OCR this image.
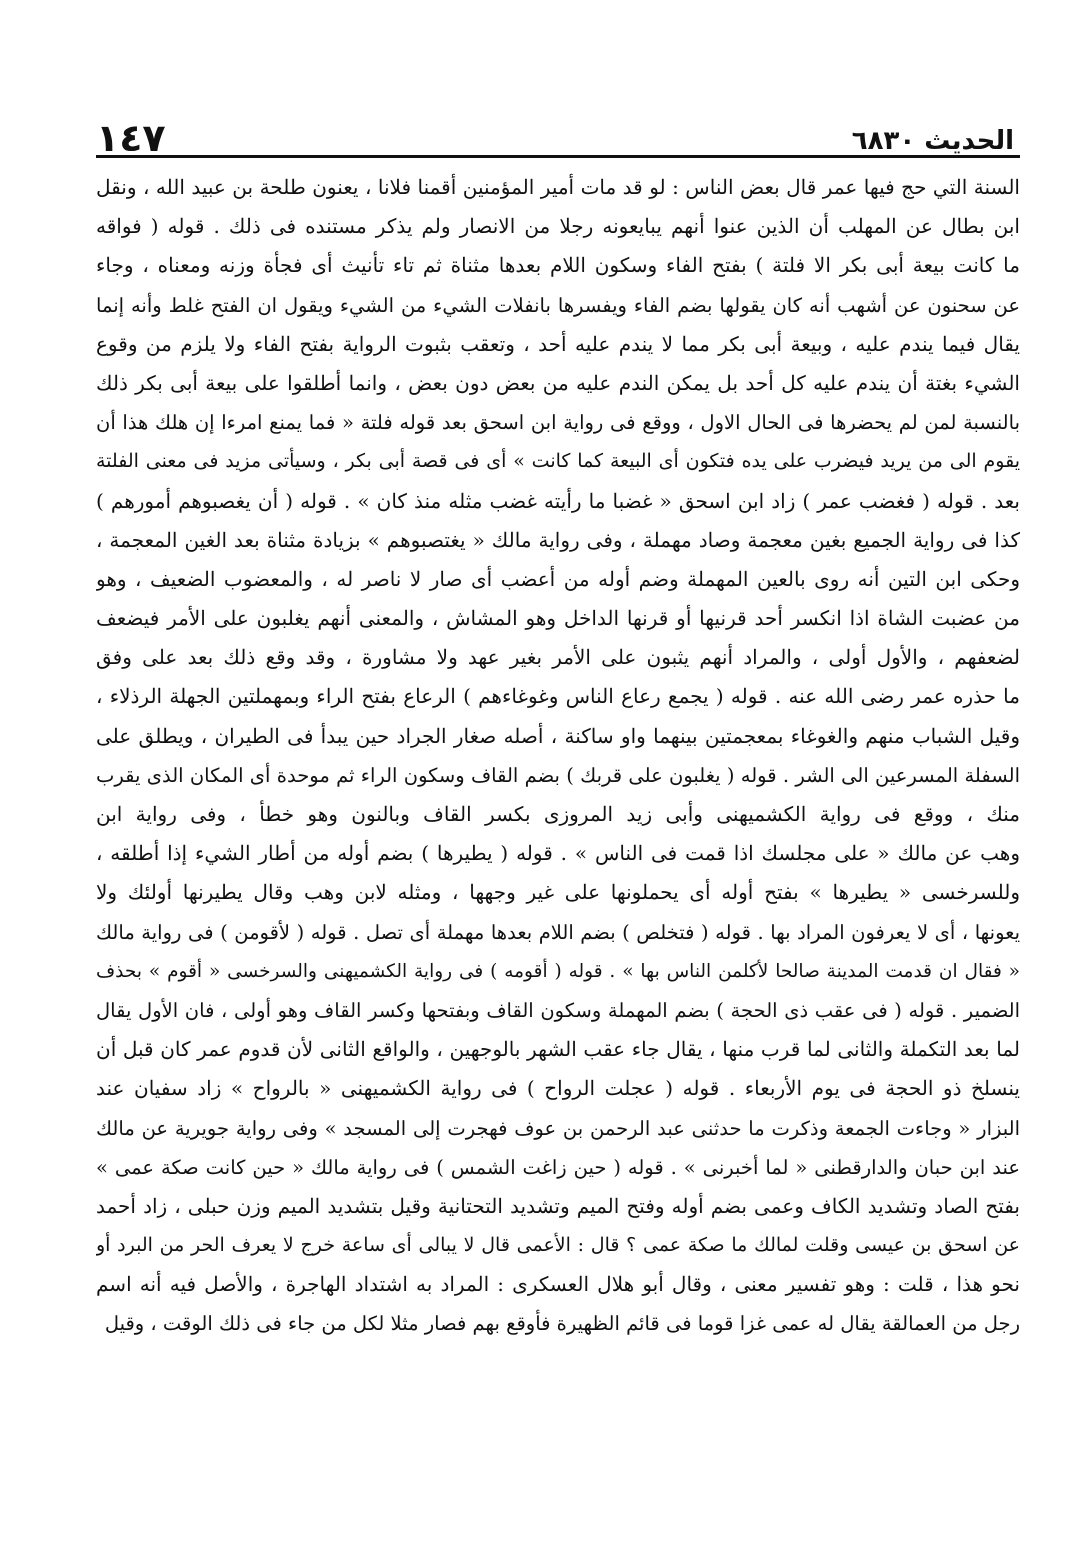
١٤٧	الحديث ٦٨٣٠
السنة التي حج فيها عمر قال بعض الناس : لو قد مات أمير المؤمنين أقمنا فلانا ، يعنون طلحة بن عبيد الله ، ونقل
ابن بطال عن المهلب أن الذين عنوا أنهم يبايعونه رجلا من الانصار ولم يذكر مستنده فى ذلك . قوله ( فواقه
ما كانت بيعة أبى بكر الا فلتة ) بفتح الفاء وسكون اللام بعدها مثناة ثم تاء تأنيث أى فجأة وزنه ومعناه ، وجاء
عن سحنون عن أشهب أنه كان يقولها بضم الفاء ويفسرها بانفلات الشيء من الشيء ويقول ان الفتح غلط وأنه إنما
يقال فيما يندم عليه ، وبيعة أبى بكر مما لا يندم عليه أحد ، وتعقب بثبوت الرواية بفتح الفاء ولا يلزم من وقوع
الشيء بغتة أن يندم عليه كل أحد بل يمكن الندم عليه من بعض دون بعض ، وانما أطلقوا على بيعة أبى بكر ذلك
بالنسبة لمن لم يحضرها فى الحال الاول ، ووقع فى رواية ابن اسحق بعد قوله فلتة « فما يمنع امرءا إن هلك هذا أن
يقوم الى من يريد فيضرب على يده فتكون أى البيعة كما كانت » أى فى قصة أبى بكر ، وسيأتى مزيد فى معنى الفلتة
بعد . قوله ( فغضب عمر ) زاد ابن اسحق « غضبا ما رأيته غضب مثله منذ كان » . قوله ( أن يغصبوهم أمورهم )
كذا فى رواية الجميع بغين معجمة وصاد مهملة ، وفى رواية مالك « يغتصبوهم » بزيادة مثناة بعد الغين المعجمة ،
وحكى ابن التين أنه روى بالعين المهملة وضم أوله من أعضب أى صار لا ناصر له ، والمعضوب الضعيف ، وهو
من عضبت الشاة اذا انكسر أحد قرنيها أو قرنها الداخل وهو المشاش ، والمعنى أنهم يغلبون على الأمر فيضعف
لضعفهم ، والأول أولى ، والمراد أنهم يثبون على الأمر بغير عهد ولا مشاورة ، وقد وقع ذلك بعد على وفق
ما حذره عمر رضى الله عنه . قوله ( يجمع رعاع الناس وغوغاءهم ) الرعاع بفتح الراء وبمهملتين الجهلة الرذلاء ،
وقيل الشباب منهم والغوغاء بمعجمتين بينهما واو ساكنة ، أصله صغار الجراد حين يبدأ فى الطيران ، ويطلق على
السفلة المسرعين الى الشر . قوله ( يغلبون على قربك ) بضم القاف وسكون الراء ثم موحدة أى المكان الذى يقرب
منك ، ووقع فى رواية الكشميهنى وأبى زيد المروزى بكسر القاف وبالنون وهو خطأ ، وفى رواية ابن
وهب عن مالك « على مجلسك اذا قمت فى الناس » . قوله ( يطيرها ) بضم أوله من أطار الشيء إذا أطلقه ،
وللسرخسى « يطيرها » بفتح أوله أى يحملونها على غير وجهها ، ومثله لابن وهب وقال يطيرنها أولئك ولا
يعونها ، أى لا يعرفون المراد بها . قوله ( فتخلص ) بضم اللام بعدها مهملة أى تصل . قوله ( لأقومن ) فى رواية مالك
« فقال ان قدمت المدينة صالحا لأكلمن الناس بها » . قوله ( أقومه ) فى رواية الكشميهنى والسرخسى « أقوم » بحذف
الضمير . قوله ( فى عقب ذى الحجة ) بضم المهملة وسكون القاف وبفتحها وكسر القاف وهو أولى ، فان الأول يقال
لما بعد التكملة والثانى لما قرب منها ، يقال جاء عقب الشهر بالوجهين ، والواقع الثانى لأن قدوم عمر كان قبل أن
ينسلخ ذو الحجة فى يوم الأربعاء . قوله ( عجلت الرواح ) فى رواية الكشميهنى « بالرواح » زاد سفيان عند
البزار « وجاءت الجمعة وذكرت ما حدثنى عبد الرحمن بن عوف فهجرت إلى المسجد » وفى رواية جويرية عن مالك
عند ابن حبان والدارقطنى « لما أخبرنى » . قوله ( حين زاغت الشمس ) فى رواية مالك « حين كانت صكة عمى »
بفتح الصاد وتشديد الكاف وعمى بضم أوله وفتح الميم وتشديد التحتانية وقيل بتشديد الميم وزن حبلى ، زاد أحمد
عن اسحق بن عيسى وقلت لمالك ما صكة عمى ؟ قال : الأعمى قال لا يبالى أى ساعة خرج لا يعرف الحر من البرد أو
نحو هذا ، قلت : وهو تفسير معنى ، وقال أبو هلال العسكرى : المراد به اشتداد الهاجرة ، والأصل فيه أنه اسم
رجل من العمالقة يقال له عمى غزا قوما فى قائم الظهيرة فأوقع بهم فصار مثلا لكل من جاء فى ذلك الوقت ، وقيل
